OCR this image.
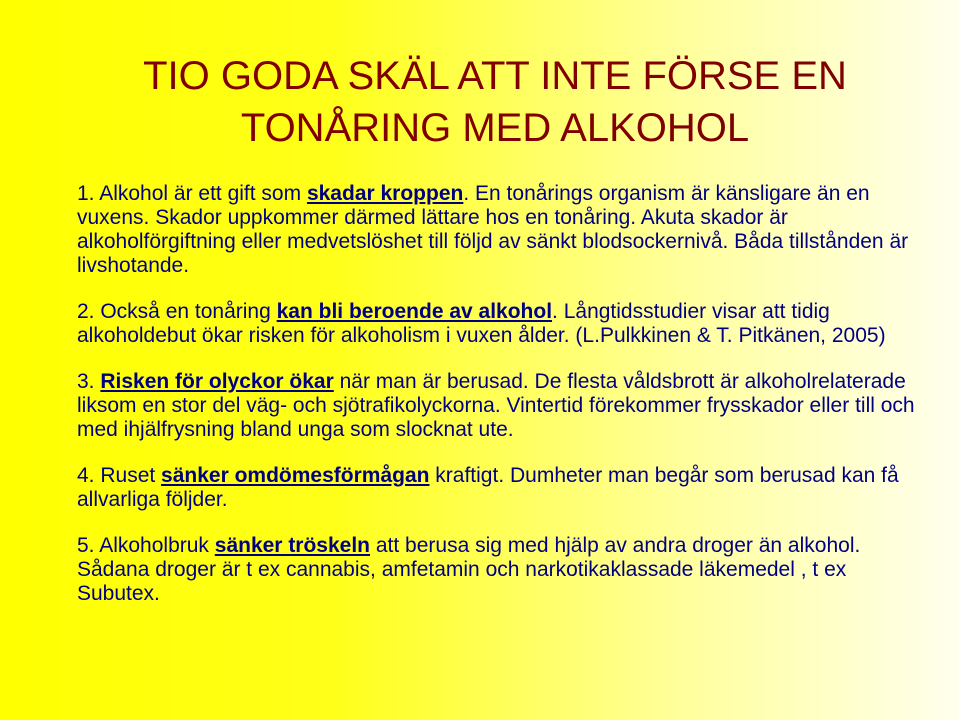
TIO GODA SKÄL ATT INTE FÖRSE EN
TONÅRING MED ALKOHOL

1. Alkohol är ett gift som skadar kroppen. En tonårings organism är känsligare än en vuxens. Skador uppkommer därmed lättare hos en tonåring. Akuta skador är alkoholförgiftning eller medvetslöshet till följd av sänkt blodsockernivå. Båda tillstånden är livshotande.

2. Också en tonåring kan bli beroende av alkohol. Långtidsstudier visar att tidig alkoholdebut ökar risken för alkoholism i vuxen ålder. (L.Pulkkinen & T. Pitkänen, 2005)

3. Risken för olyckor ökar när man är berusad. De flesta våldsbrott är alkoholrelaterade liksom en stor del väg- och sjötrafikolyckorna. Vintertid förekommer frysskador eller till och med ihjälfrysning bland unga som slocknat ute.

4. Ruset sänker omdömesförmågan kraftigt. Dumheter man begår som berusad kan få allvarliga följder.

5. Alkoholbruk sänker tröskeln att berusa sig med hjälp av andra droger än alkohol. Sådana droger är t ex cannabis, amfetamin och narkotikaklassade läkemedel , t ex Subutex.
